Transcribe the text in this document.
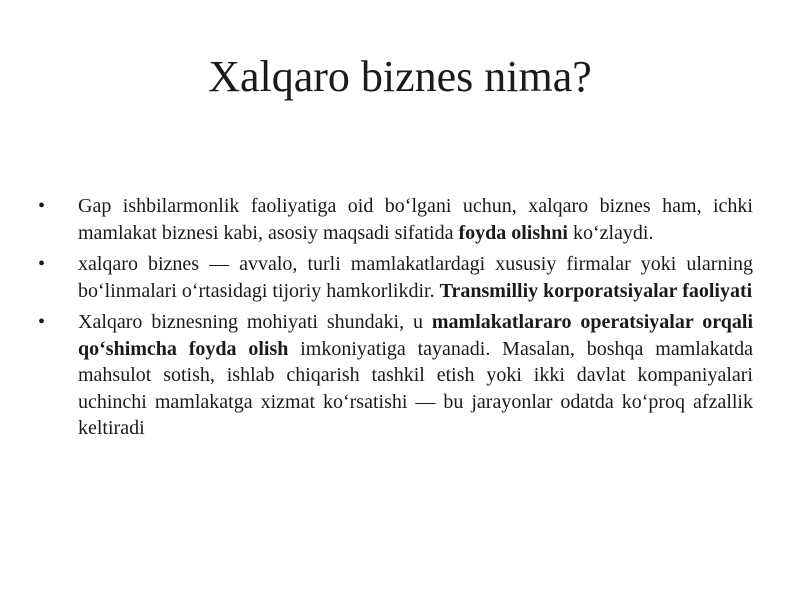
Xalqaro biznes nima?
• Gap ishbilarmonlik faoliyatiga oid bo‘lgani uchun, xalqaro biznes ham, ichki mamlakat biznesi kabi, asosiy maqsadi sifatida foyda olishni ko‘zlaydi.
• xalqaro biznes — avvalo, turli mamlakatlardagi xususiy firmalar yoki ularning bo‘linmalari o‘rtasidagi tijoriy hamkorlikdir. Transmilliy korporatsiyalar faoliyati
• Xalqaro biznesning mohiyati shundaki, u mamlakatlararo operatsiyalar orqali qo‘shimcha foyda olish imkoniyatiga tayanadi. Masalan, boshqa mamlakatda mahsulot sotish, ishlab chiqarish tashkil etish yoki ikki davlat kompaniyalari uchinchi mamlakatga xizmat ko‘rsatishi — bu jarayonlar odatda ko‘proq afzallik keltiradi
